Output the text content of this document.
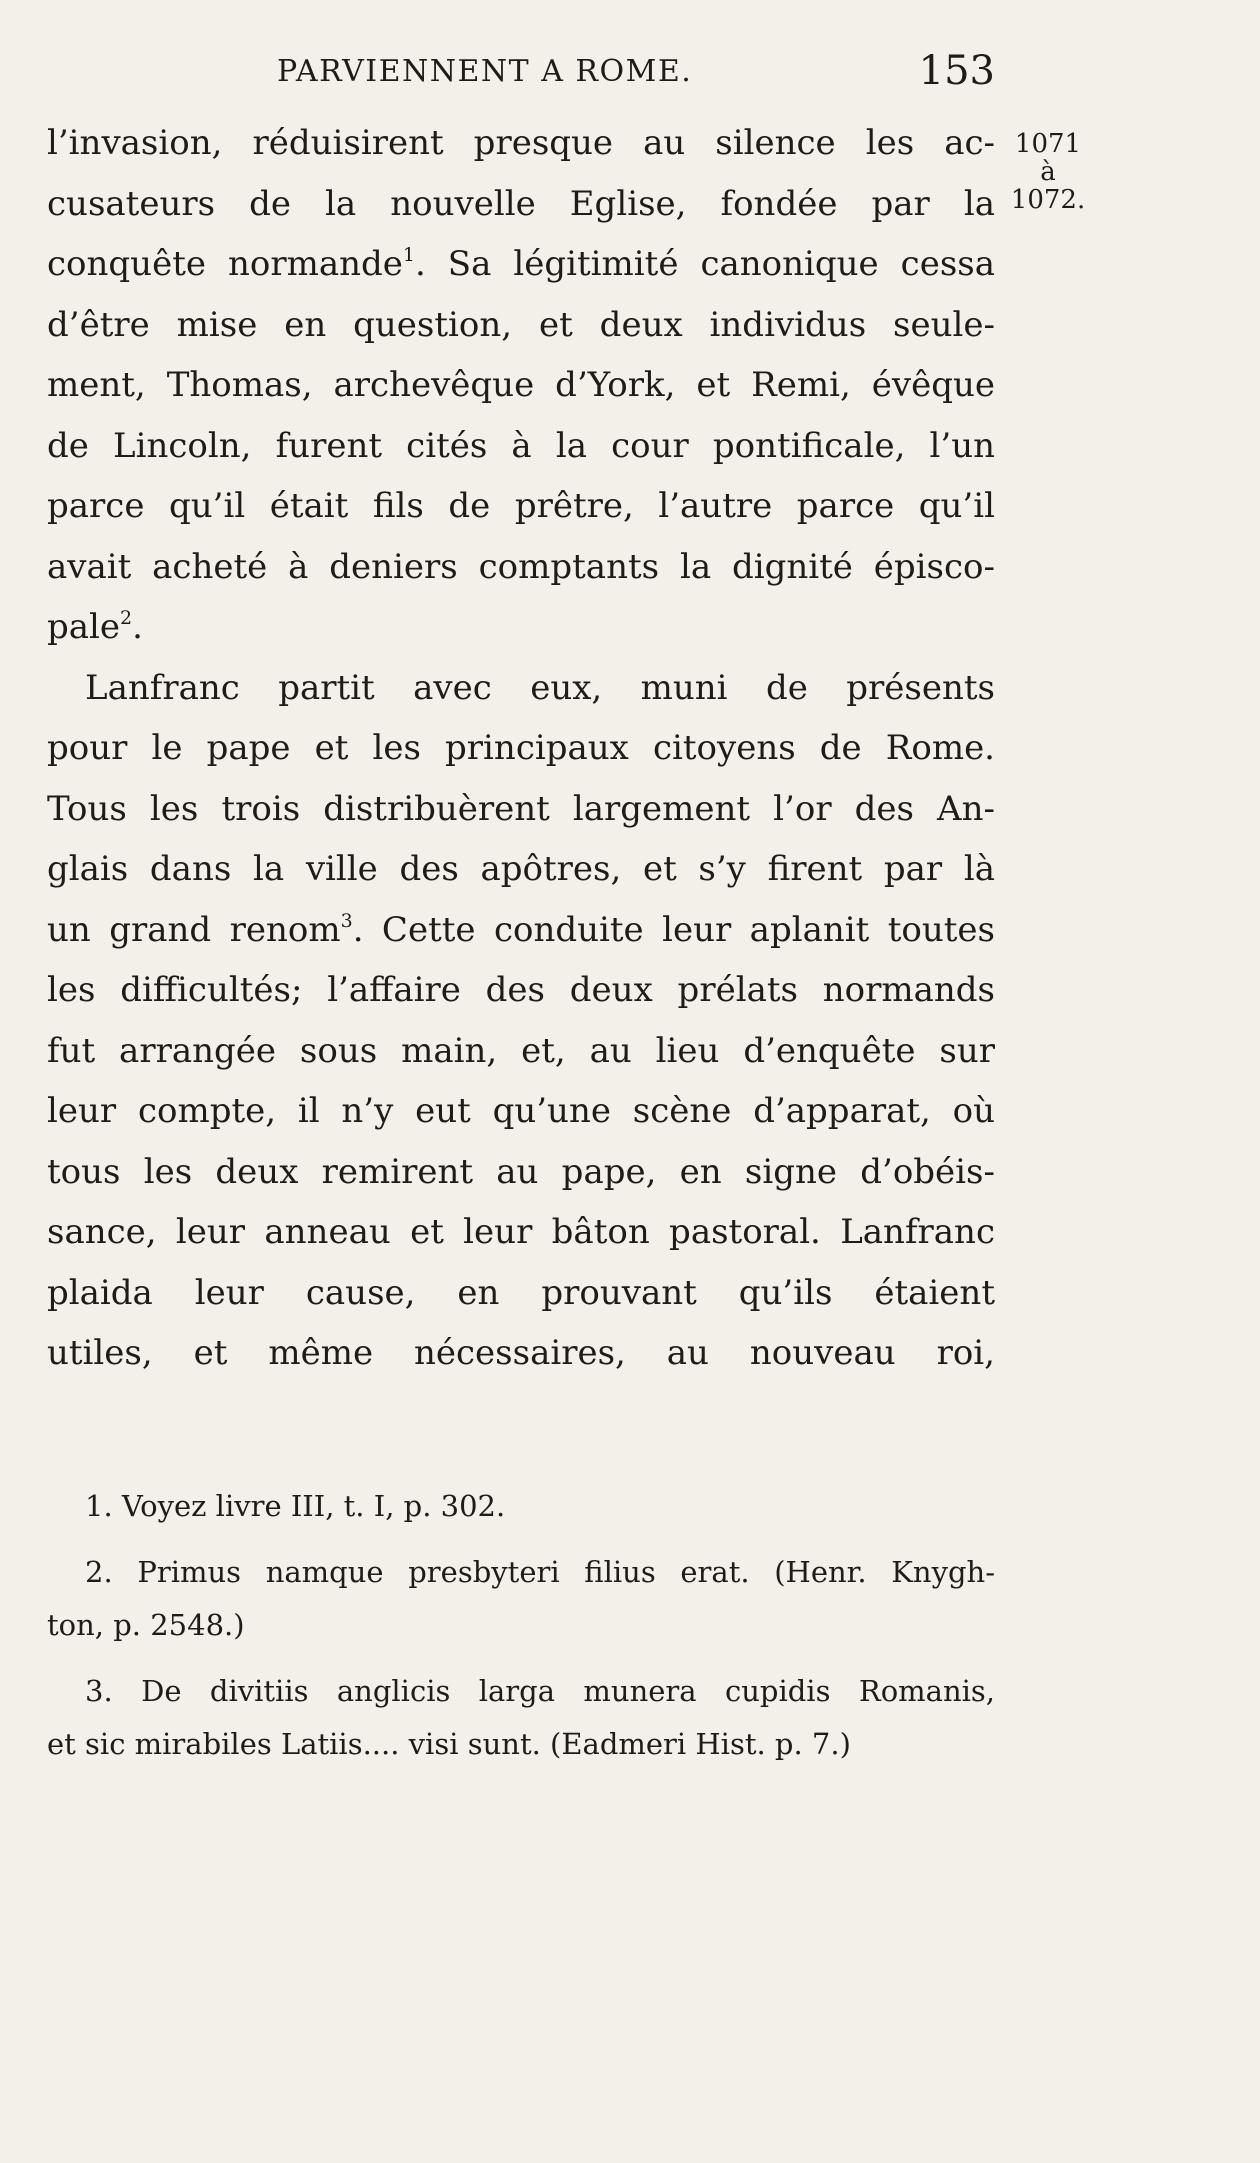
PARVIENNENT A ROME.	153
1071
à
1072.
l’invasion, réduisirent presque au silence les ac-
cusateurs de la nouvelle Eglise, fondée par la
conquête normande$^1$. Sa légitimité canonique cessa
d’être mise en question, et deux individus seule-
ment, Thomas, archevêque d’York, et Remi, évêque
de Lincoln, furent cités à la cour pontificale, l’un
parce qu’il était fils de prêtre, l’autre parce qu’il
avait acheté à deniers comptants la dignité épisco-
pale$^2$.
Lanfranc partit avec eux, muni de présents
pour le pape et les principaux citoyens de Rome.
Tous les trois distribuèrent largement l’or des An-
glais dans la ville des apôtres, et s’y firent par là
un grand renom$^3$. Cette conduite leur aplanit toutes
les difficultés; l’affaire des deux prélats normands
fut arrangée sous main, et, au lieu d’enquête sur
leur compte, il n’y eut qu’une scène d’apparat, où
tous les deux remirent au pape, en signe d’obéis-
sance, leur anneau et leur bâton pastoral. Lanfranc
plaida leur cause, en prouvant qu’ils étaient
utiles, et même nécessaires, au nouveau roi,
1. Voyez livre III, t. I, p. 302.
2. Primus namque presbyteri filius erat. (Henr. Knygh-
ton, p. 2548.)
3. De divitiis anglicis larga munera cupidis Romanis,
et sic mirabiles Latiis.... visi sunt. (Eadmeri Hist. p. 7.)
